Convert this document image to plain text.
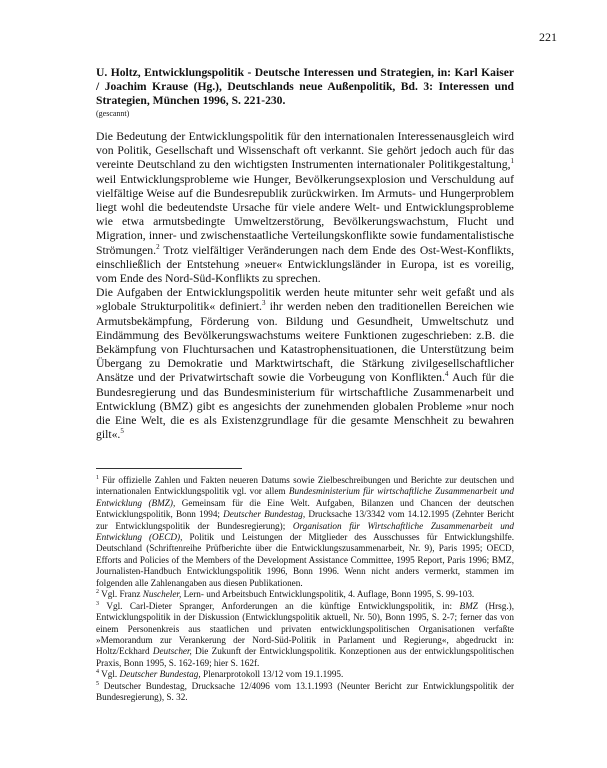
221

U. Holtz, Entwicklungspolitik - Deutsche Interessen und Strategien, in: Karl Kaiser / Joachim Krause (Hg.), Deutschlands neue Außenpolitik, Bd. 3: Interessen und Strategien, München 1996, S. 221-230.

(gescannt)

Die Bedeutung der Entwicklungspolitik für den internationalen Interessenausgleich wird von Politik, Gesellschaft und Wissenschaft oft verkannt. Sie gehört jedoch auch für das vereinte Deutschland zu den wichtigsten Instrumenten internationaler Politikgestaltung,$^1$ weil Entwicklungsprobleme wie Hunger, Bevölkerungsexplosion und Verschuldung auf vielfältige Weise auf die Bundesrepublik zurückwirken. Im Armuts- und Hungerproblem liegt wohl die bedeutendste Ursache für viele andere Welt- und Entwicklungsprobleme wie etwa armutsbedingte Umweltzerstörung, Bevölkerungswachstum, Flucht und Migration, inner- und zwischenstaatliche Verteilungskonflikte sowie fundamentalistische Strömungen.$^2$ Trotz vielfältiger Veränderungen nach dem Ende des Ost-West-Konflikts, einschließlich der Entstehung »neuer« Entwicklungsländer in Europa, ist es voreilig, vom Ende des Nord-Süd-Konflikts zu sprechen.

Die Aufgaben der Entwicklungspolitik werden heute mitunter sehr weit gefaßt und als »globale Strukturpolitik« definiert.$^3$ ihr werden neben den traditionellen Bereichen wie Armutsbekämpfung, Förderung von. Bildung und Gesundheit, Umweltschutz und Eindämmung des Bevölkerungswachstums weitere Funktionen zugeschrieben: z.B. die Bekämpfung von Fluchtursachen und Katastrophensituationen, die Unterstützung beim Übergang zu Demokratie und Marktwirtschaft, die Stärkung zivilgesellschaftlicher Ansätze und der Privatwirtschaft sowie die Vorbeugung von Konflikten.$^4$ Auch für die Bundesregierung und das Bundesministerium für wirtschaftliche Zusammenarbeit und Entwicklung (BMZ) gibt es angesichts der zunehmenden globalen Probleme »nur noch die Eine Welt, die es als Existenzgrundlage für die gesamte Menschheit zu bewahren gilt«.$^5$

$^1$ Für offizielle Zahlen und Fakten neueren Datums sowie Zielbeschreibungen und Berichte zur deutschen und internationalen Entwicklungspolitik vgl. vor allem Bundesministerium für wirtschaftliche Zusammenarbeit und Entwicklung (BMZ), Gemeinsam für die Eine Welt. Aufgaben, Bilanzen und Chancen der deutschen Entwicklungspolitik, Bonn 1994; Deutscher Bundestag, Drucksache 13/3342 vom 14.12.1995 (Zehnter Bericht zur Entwicklungspolitik der Bundesregierung); Organisation für Wirtschaftliche Zusammenarbeit und Entwicklung (OECD), Politik und Leistungen der Mitglieder des Ausschusses für Entwicklungshilfe. Deutschland (Schriftenreihe Prüfberichte über die Entwicklungszusammenarbeit, Nr. 9), Paris 1995; OECD, Efforts and Policies of the Members of the Development Assistance Committee, 1995 Report, Paris 1996; BMZ, Journalisten-Handbuch Entwicklungspolitik 1996, Bonn 1996. Wenn nicht anders vermerkt, stammen im folgenden alle Zahlenangaben aus diesen Publikationen.

$^2$ Vgl. Franz Nuscheler, Lern- und Arbeitsbuch Entwicklungspolitik, 4. Auflage, Bonn 1995, S. 99-103.

$^3$ Vgl. Carl-Dieter Spranger, Anforderungen an die künftige Entwicklungspolitik, in: BMZ (Hrsg.), Entwicklungspolitik in der Diskussion (Entwicklungspolitik aktuell, Nr. 50), Bonn 1995, S. 2-7; ferner das von einem Personenkreis aus staatlichen und privaten entwicklungspolitischen Organisationen verfaßte »Memorandum zur Verankerung der Nord-Süd-Politik in Parlament und Regierung«, abgedruckt in: Holtz/Eckhard Deutscher, Die Zukunft der Entwicklungspolitik. Konzeptionen aus der entwicklungspolitischen Praxis, Bonn 1995, S. 162-169; hier S. 162f.

$^4$ Vgl. Deutscher Bundestag, Plenarprotokoll 13/12 vom 19.1.1995.

$^5$ Deutscher Bundestag, Drucksache 12/4096 vom 13.1.1993 (Neunter Bericht zur Entwicklungspolitik der Bundesregierung), S. 32.
